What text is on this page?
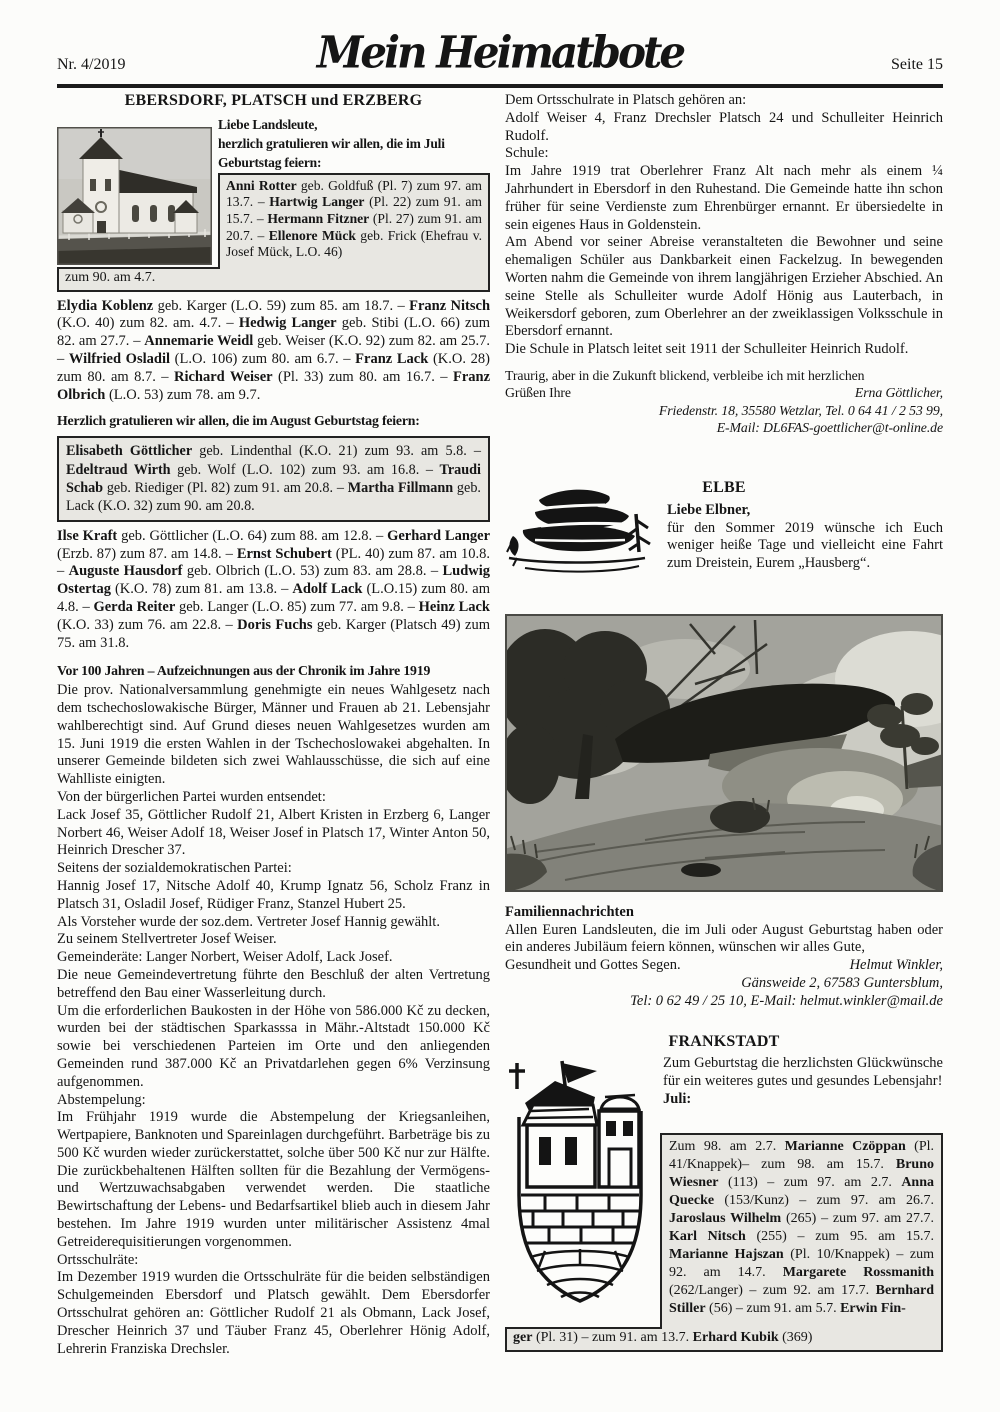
Nr. 4/2019	Mein Heimatbote	Seite 15
EBERSDORF, PLATSCH und ERZBERG
Liebe Landsleute,
herzlich gratulieren wir allen, die im Juli
Geburtstag feiern:
Anni Rotter geb. Goldfuß (Pl. 7) zum 97. am 13.7. – Hartwig Langer (Pl. 22) zum 91. am 15.7. – Hermann Fitzner (Pl. 27) zum 91. am 20.7. – Ellenore Mück geb. Frick (Ehefrau v. Josef Mück, L.O. 46)
zum 90. am 4.7.

Elydia Koblenz geb. Karger (L.O. 59) zum 85. am 18.7. – Franz Nitsch (K.O. 40) zum 82. am. 4.7. – Hedwig Langer geb. Stibi (L.O. 66) zum 82. am 27.7. – Annemarie Weidl geb. Weiser (K.O. 92) zum 82. am 25.7. – Wilfried Osladil (L.O. 106) zum 80. am 6.7. – Franz Lack (K.O. 28) zum 80. am 8.7. – Richard Weiser (Pl. 33) zum 80. am 16.7. – Franz Olbrich (L.O. 53) zum 78. am 9.7.

Herzlich gratulieren wir allen, die im August Geburtstag feiern:

Elisabeth Göttlicher geb. Lindenthal (K.O. 21) zum 93. am 5.8. – Edeltraud Wirth geb. Wolf (L.O. 102) zum 93. am 16.8. – Traudi Schab geb. Riediger (Pl. 82) zum 91. am 20.8. – Martha Fillmann geb. Lack (K.O. 32) zum 90. am 20.8.

Ilse Kraft geb. Göttlicher (L.O. 64) zum 88. am 12.8. – Gerhard Langer (Erzb. 87) zum 87. am 14.8. – Ernst Schubert (PL. 40) zum 87. am 10.8. – Auguste Hausdorf geb. Olbrich (L.O. 53) zum 83. am 28.8. – Ludwig Ostertag (K.O. 78) zum 81. am 13.8. – Adolf Lack (L.O.15) zum 80. am 4.8. – Gerda Reiter geb. Langer (L.O. 85) zum 77. am 9.8. – Heinz Lack (K.O. 33) zum 76. am 22.8. – Doris Fuchs geb. Karger (Platsch 49) zum 75. am 31.8.

Vor 100 Jahren – Aufzeichnungen aus der Chronik im Jahre 1919

Die prov. Nationalversammlung genehmigte ein neues Wahlgesetz nach dem tschechoslowakische Bürger, Männer und Frauen ab 21. Lebensjahr wahlberechtigt sind. Auf Grund dieses neuen Wahlgesetzes wurden am 15. Juni 1919 die ersten Wahlen in der Tschechoslowakei abgehalten. In unserer Gemeinde bildeten sich zwei Wahlausschüsse, die sich auf eine Wahlliste einigten.
Von der bürgerlichen Partei wurden entsendet:
Lack Josef 35, Göttlicher Rudolf 21, Albert Kristen in Erzberg 6, Langer Norbert 46, Weiser Adolf 18, Weiser Josef in Platsch 17, Winter Anton 50, Heinrich Drescher 37.
Seitens der sozialdemokratischen Partei:
Hannig Josef 17, Nitsche Adolf 40, Krump Ignatz 56, Scholz Franz in Platsch 31, Osladil Josef, Rüdiger Franz, Stanzel Hubert 25.
Als Vorsteher wurde der soz.dem. Vertreter Josef Hannig gewählt.
Zu seinem Stellvertreter Josef Weiser.
Gemeinderäte: Langer Norbert, Weiser Adolf, Lack Josef.
Die neue Gemeindevertretung führte den Beschluß der alten Vertretung betreffend den Bau einer Wasserleitung durch.
Um die erforderlichen Baukosten in der Höhe von 586.000 Kč zu decken, wurden bei der städtischen Sparkasssa in Mähr.-Altstadt 150.000 Kč sowie bei verschiedenen Parteien im Orte und den anliegenden Gemeinden rund 387.000 Kč an Privatdarlehen gegen 6% Verzinsung aufgenommen.
Abstempelung:
Im Frühjahr 1919 wurde die Abstempelung der Kriegsanleihen, Wertpapiere, Banknoten und Spareinlagen durchgeführt. Barbeträge bis zu 500 Kč wurden wieder zurückerstattet, solche über 500 Kč nur zur Hälfte. Die zurückbehaltenen Hälften sollten für die Bezahlung der Vermögens- und Wertzuwachsabgaben verwendet werden. Die staatliche Bewirtschaftung der Lebens- und Bedarfsartikel blieb auch in diesem Jahr bestehen. Im Jahre 1919 wurden unter militärischer Assistenz 4mal Getreiderequisitierungen vorgenommen.
Ortsschulräte:
Im Dezember 1919 wurden die Ortsschulräte für die beiden selbständigen Schulgemeinden Ebersdorf und Platsch gewählt. Dem Ebersdorfer Ortsschulrat gehören an: Göttlicher Rudolf 21 als Obmann, Lack Josef, Drescher Heinrich 37 und Täuber Franz 45, Oberlehrer Hönig Adolf, Lehrerin Franziska Drechsler.
Dem Ortsschulrate in Platsch gehören an:
Adolf Weiser 4, Franz Drechsler Platsch 24 und Schulleiter Heinrich Rudolf.
Schule:
Im Jahre 1919 trat Oberlehrer Franz Alt nach mehr als einem ¼ Jahrhundert in Ebersdorf in den Ruhestand. Die Gemeinde hatte ihn schon früher für seine Verdienste zum Ehrenbürger ernannt. Er übersiedelte in sein eigenes Haus in Goldenstein.
Am Abend vor seiner Abreise veranstalteten die Bewohner und seine ehemaligen Schüler aus Dankbarkeit einen Fackelzug. In bewegenden Worten nahm die Gemeinde von ihrem langjährigen Erzieher Abschied. An seine Stelle als Schulleiter wurde Adolf Hönig aus Lauterbach, in Weikersdorf geboren, zum Oberlehrer an der zweiklassigen Volksschule in Ebersdorf ernannt.
Die Schule in Platsch leitet seit 1911 der Schulleiter Heinrich Rudolf.

Traurig, aber in die Zukunft blickend, verbleibe ich mit herzlichen

Grüßen Ihre	Erna Göttlicher,
Friedenstr. 18, 35580 Wetzlar, Tel. 0 64 41 / 2 53 99,
E-Mail: DL6FAS-goettlicher@t-online.de
ELBE

Liebe Elbner,

für den Sommer 2019 wünsche ich Euch weniger heiße Tage und vielleicht eine Fahrt zum Dreistein, Eurem „Hausberg“.

Familiennachrichten

Allen Euren Landsleuten, die im Juli oder August Geburtstag haben oder ein anderes Jubiläum feiern können, wünschen wir alles Gute,

Gesundheit und Gottes Segen.	Helmut Winkler,
Gänsweide 2, 67583 Guntersblum,
Tel: 0 62 49 / 25 10, E-Mail: helmut.winkler@mail.de
FRANKSTADT

Zum Geburtstag die herzlichsten Glückwünsche für ein weiteres gutes und gesundes Lebensjahr!

Juli:

Zum 98. am 2.7. Marianne Czöppan (Pl. 41/Knappek)– zum 98. am 15.7. Bruno Wiesner (113) – zum 97. am 2.7. Anna Quecke (153/Kunz) – zum 97. am 26.7. Jaroslaus Wilhelm (265) – zum 97. am 27.7. Karl Nitsch (255) – zum 95. am 15.7. Marianne Hajszan (Pl. 10/Knappek) – zum 92. am 14.7. Margarete Rossmanith (262/Langer) – zum 92. am 17.7. Bernhard Stiller (56) – zum 91. am 5.7. Erwin Fin-
ger (Pl. 31) – zum 91. am 13.7. Erhard Kubik (369)
